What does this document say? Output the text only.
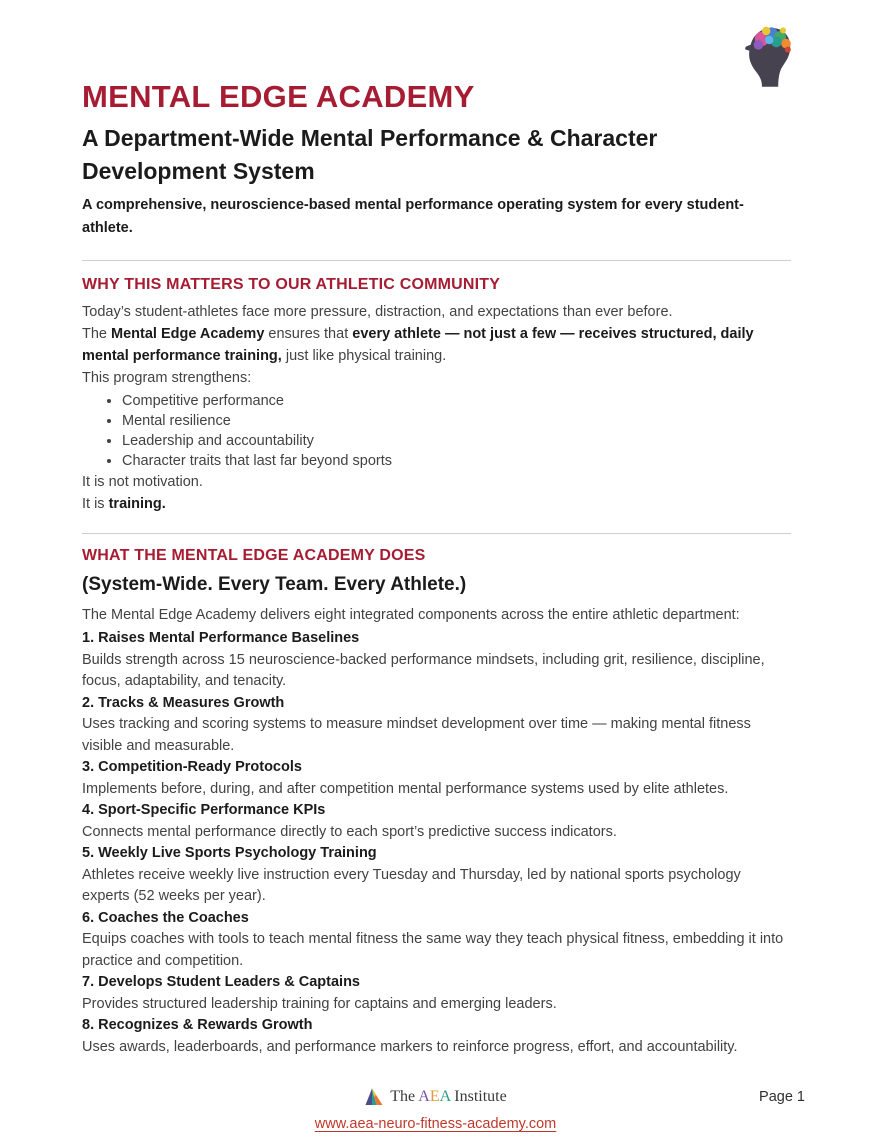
MENTAL EDGE ACADEMY
A Department-Wide Mental Performance & Character Development System

A comprehensive, neuroscience-based mental performance operating system for every student-athlete.

WHY THIS MATTERS TO OUR ATHLETIC COMMUNITY

Today’s student-athletes face more pressure, distraction, and expectations than ever before.

The Mental Edge Academy ensures that every athlete — not just a few — receives structured, daily mental performance training, just like physical training.

This program strengthens:

• Competitive performance
• Mental resilience
• Leadership and accountability
• Character traits that last far beyond sports

It is not motivation.

It is training.

WHAT THE MENTAL EDGE ACADEMY DOES
(System-Wide. Every Team. Every Athlete.)

The Mental Edge Academy delivers eight integrated components across the entire athletic department:

1. Raises Mental Performance Baselines

Builds strength across 15 neuroscience-backed performance mindsets, including grit, resilience, discipline, focus, adaptability, and tenacity.

2. Tracks & Measures Growth

Uses tracking and scoring systems to measure mindset development over time — making mental fitness visible and measurable.

3. Competition-Ready Protocols

Implements before, during, and after competition mental performance systems used by elite athletes.

4. Sport-Specific Performance KPIs

Connects mental performance directly to each sport’s predictive success indicators.

5. Weekly Live Sports Psychology Training

Athletes receive weekly live instruction every Tuesday and Thursday, led by national sports psychology experts (52 weeks per year).

6. Coaches the Coaches

Equips coaches with tools to teach mental fitness the same way they teach physical fitness, embedding it into practice and competition.

7. Develops Student Leaders & Captains

Provides structured leadership training for captains and emerging leaders.

8. Recognizes & Rewards Growth

Uses awards, leaderboards, and performance markers to reinforce progress, effort, and accountability.

The AEA Institute
www.aea-neuro-fitness-academy.com
Page 1
